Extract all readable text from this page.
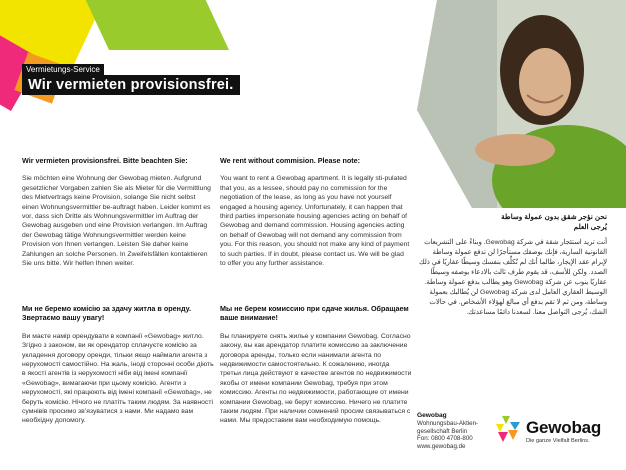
Vermietungs-Service
Wir vermieten provisionsfrei.
Wir vermieten provisionsfrei. Bitte beachten Sie:

Sie möchten eine Wohnung der Gewobag mieten. Aufgrund gesetzlicher Vorgaben zahlen Sie als Mieter für die Vermittlung des Mietvertrags keine Provision, solange Sie nicht selbst einen Wohnungsvermittler be-auftragt haben. Leider kommt es vor, dass sich Dritte als Wohnungsvermittler im Auftrag der Gewobag ausgeben und eine Provision verlangen. Im Auftrag der Gewobag tätige Wohnungsvermittler werden keine Provision von Ihnen verlangen. Leisten Sie daher keine Zahlungen an solche Personen. In Zweifelsfällen kontaktieren Sie uns bitte. Wir helfen Ihnen weiter.

We rent without commision. Please note:

You want to rent a Gewobag apartment. It is legally sti-pulated that you, as a lessee, should pay no commission for the negotiation of the lease, as long as you have not yourself engaged a housing agency. Unfortunately, it can happen that third parties impersonate housing agencies acting on behalf of Gewobag and demand commission. Housing agencies acting on behalf of Gewobag will not demand any commission from you. For this reason, you should not make any kind of payment to such parties. If in doubt, please contact us. We will be glad to offer you any further assistance.

Ми не беремо комісію за здачу житла в оренду. Звертаємо вашу увагу!

Ви маєте намір орендувати в компанії «Gewobag» житло. Згідно з законом, ви як орендатор сплачуєте комісію за укладення договору оренди, тільки якщо наймали агента з нерухомості самостійно. На жаль, іноді сторонні особи діють в якості агентів із нерухомості ніби від імені компанії «Gewobag», вимагаючи при цьому комісію. Агенти з нерухомості, які працюють від імені компанії «Gewobag», не беруть комісію. Нічого не платіть таким людям. За наявності сумнівів просимо звʼязуватися з нами. Ми надамо вам необхідну допомогу.

Мы не берем комиссию при сдаче жилья. Обращаем ваше внимание!

Вы планируете снять жилье у компании Gewobag. Согласно закону, вы как арендатор платите комиссию за заключение договора аренды, только если нанимали агента по недвижимости самостоятельно. К сожалению, иногда третьи лица действуют в качестве агентов по недвижимости якобы от имени компании Gewobag, требуя при этом комиссию. Агенты по недвижимости, работающие от имени компании Gewobag, не берут комиссию. Ничего не платите таким людям. При наличии сомнений просим связываться с нами. Мы предоставим вам необходимую помощь.

نحن نؤجر شقق بدون عمولة وساطة
يُرجى العلم

أنت تريد استئجار شقة في شركة Gewobag. وبناءً على التشريعات القانونية السارية، فإنك بوصفك مستأجرًا لن تدفع عمولة وساطة لإبرام عقد الإيجار، طالما أنك لم تُكلِّف بنفسك وسيطًا عقاريًا في ذلك الصدد. ولكن للأسف، قد يقوم طرف ثالث بالادعاء بوصفه وسيطًا عقاريًا ينوب عن شركة Gewobag وهو يطالب بدفع عمولة وساطة. الوسيط العقاري العامل لدى شركة Gewobag لن يُطالبك بعمولة وساطة، ومن ثم لا تقم بدفع أي مبالغ لهؤلاء الأشخاص. في حالات الشك، يُرجى التواصل معنا. لسعدنا دائمًا مساعدتك.

Gewobag
Wohnungsbau-Aktien-
gesellschaft Berlin
Fon: 0800 4708-800
www.gewobag.de
Gewobag
Die ganze Vielfalt Berlins.
